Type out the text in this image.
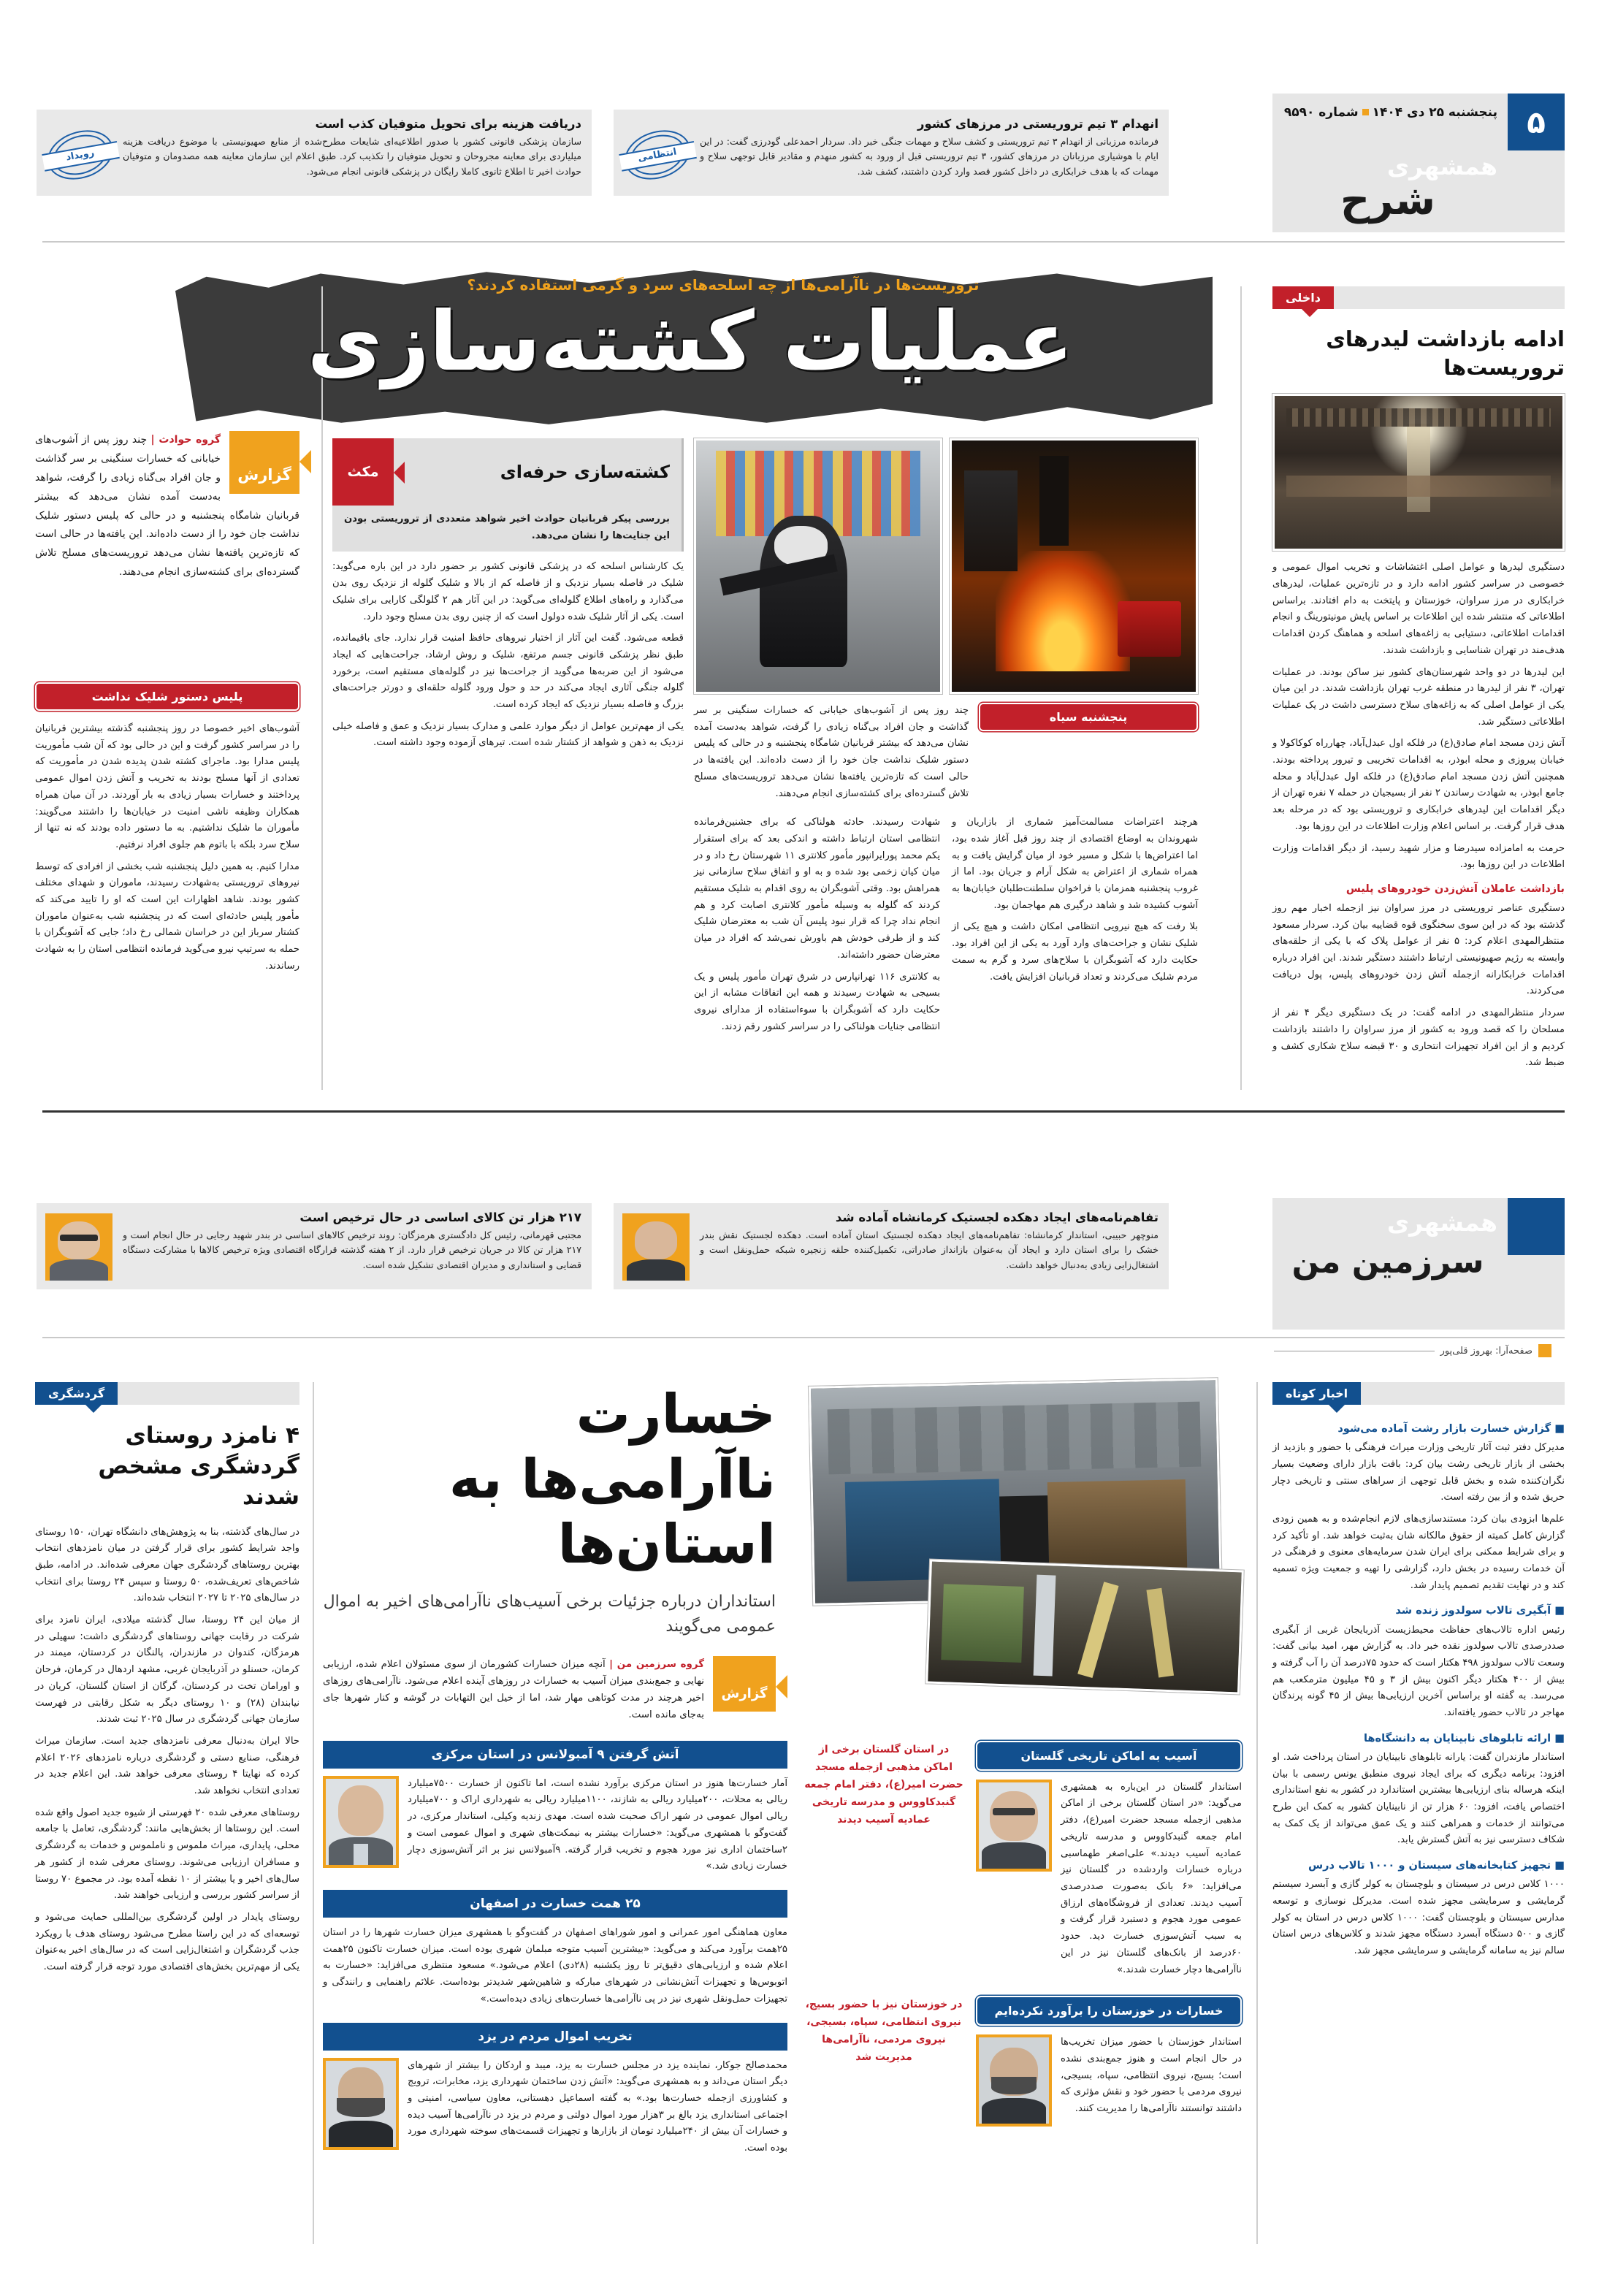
۵
پنجشنبه ۲۵ دی ۱۴۰۴شماره ۹۵۹۰
همشهری
شرح
انتظامی
انهدام ۳ تیم تروریستی در مرزهای کشور

فرمانده مرزبانی از انهدام ۳ تیم تروریستی و کشف سلاح و مهمات جنگی خبر داد. سردار احمدعلی گودرزی گفت: در این ایام با هوشیاری مرزبانان در مرزهای کشور، ۳ تیم تروریستی قبل از ورود به کشور منهدم و مقادیر قابل توجهی سلاح و مهمات که با هدف خرابکاری در داخل کشور قصد وارد کردن داشتند، کشف شد.

رویداد
دریافت هزینه برای تحویل متوفیان کذب است

سازمان پزشکی قانونی کشور با صدور اطلاعیه‌ای شایعات مطرح‌شده از منابع صهیونیستی با موضوع دریافت هزینه میلیاردی برای معاینه مجروحان و تحویل متوفیان را تکذیب کرد. طبق اعلام این سازمان معاینه همه مصدومان و متوفیان حوادث اخیر تا اطلاع ثانوی کاملا رایگان در پزشکی قانونی انجام می‌شود.

تروریست‌ها در ناآرامی‌ها از چه اسلحه‌های سرد و گرمی استفاده کردند؟
عملیات کشته‌سازی	داخلی
ادامه بازداشت لیدرهای تروریست‌ها

دستگیری لیدرها و عوامل اصلی اغتشاشات و تخریب اموال عمومی و خصوصی در سراسر کشور ادامه دارد و در تازه‌ترین عملیات، لیدرهای خرابکاری در مرز سراوان، خوزستان و پایتخت به دام افتادند. براساس اطلاعاتی که منتشر شده این اطلاعات بر اساس پایش مونیتورینگ و انجام اقدامات اطلاعاتی، دستیابی به زاغه‌های اسلحه و هماهنگ کردن اقدامات هدف‌مند در تهران شناسایی و بازداشت شدند.

این لیدرها در دو واحد شهرستان‌های کشور نیز ساکن بودند. در عملیات تهران، ۳ نفر از لیدرها در منطقه غرب تهران بازداشت شدند. در این میان یکی از عوامل اصلی که به زاغه‌های سلاح دسترسی داشت در یک عملیات اطلاعاتی دستگیر شد.

آتش زدن مسجد امام صادق(ع) در فلکه اول عبدل‌آباد، چهارراه کوکاکولا و خیابان پیروزی و محله ابوذر، به اقدامات تخریبی و تیرور پرداخته بودند. همچنین آتش زدن مسجد امام صادق(ع) در فلکه اول عبدل‌آباد و محله جامع ابوذر، به‌ شهادت رساندن ۲ نفر از بسیجیان در حمله ۷ نفره تهران از دیگر اقدامات این لیدرهای خرابکاری و تروریستی بود که در مرحله بعد هدف قرار گرفت. بر اساس اعلام وزارت اطلاعات در این روزها بود.

حرمت به امامزاده سیدرضا و مزار شهید رسید، از دیگر اقدامات وزارت اطلاعات در این روزها بود.

بازداشت عاملان آتش‌زدن خودروهای پلیس

دستگیری عناصر تروریستی در مرز سراوان نیز ازجمله اخبار مهم روز گذشته بود که در این سوی سخنگوی قوه قضاییه بیان کرد. سردار مسعود منتظرالمهدی اعلام کرد: ۵ نفر از عوامل پلاک که با یکی از حلقه‌های وابسته به رژیم صهیونیستی ارتباط داشتند دستگیر شدند. این افراد درباره اقدامات خرابکارانه ازجمله آتش زدن خودروهای پلیس، پول دریافت می‌کردند.

سردار منتظرالمهدی در ادامه گفت: در یک دستگیری دیگر ۴ نفر از مسلحان را که قصد ورود به کشور از مرز سراوان را داشتند بازداشت کردیم و از این افراد تجهیزات انتحاری و ۳۰ قبضه سلاح شکاری کشف و ضبط شد.

پنجشنبه سیاه

چند روز پس از آشوب‌های خیابانی که خسارات سنگینی بر سر گذاشت و جان افراد بی‌گناه زیادی را گرفت، شواهد به‌دست آمده نشان می‌دهد که بیشتر قربانیان شامگاه پنجشنبه و در حالی که پلیس دستور شلیک نداشت جان خود را از دست داده‌اند. این یافته‌ها در حالی است که تازه‌ترین یافته‌ها نشان می‌دهد تروریست‌های مسلح تلاش گسترده‌ای برای کشته‌سازی انجام می‌دهند.

هرچند اعتراضات مسالمت‌آمیز شماری از بازاریان و شهروندان به اوضاع اقتصادی از چند روز قبل آغاز شده بود، اما اعتراض‌ها با شکل و مسیر خود از میان گرایش یافت و به همراه شماری از اعتراض به شکل آرام و جریان بود. اما از غروب پنجشنبه همزمان با فراخوان سلطنت‌طلبان خیابان‌ها به آشوب کشیده شد و شاهد درگیری هم مهاجمان بود.

بلا رفت که هیچ نیرویی انتظامی امکان داشت و هیچ یکی از شلیک نشان و جراحت‌های وارد آورد به یکی از این افراد بود. حکایت دارد که آشوبگران با سلاح‌های سرد و گرم به سمت مردم شلیک می‌کردند و تعداد قربانیان افزایش یافت.

شهادت رسیدند. حادثه هولناکی که برای جشنین‌فرمانده انتظامی استان ارتباط داشته و اندکی بعد که برای استقرار یکم محمد پورایرانپور مأمور کلانتری ۱۱ شهرستان رخ داد و در میان کیان زخمی بود شده و به او و اتفاق سلاح سازمانی نیز همراهش بود. وقتی آشوبگران به روی اقدام به شلیک مستقیم کردند که گلوله به وسیله مأمور کلانتری اصابت کرد و هم انجام نداد چرا که قرار نبود پلیس آن شب به معترضان شلیک کند و از طرفی خودش هم باورش نمی‌شد که افراد در میان معترضان حضور داشته‌اند.

به کلانتری ۱۱۶ تهرانپارس در شرق تهران مأمور پلیس و یک بسیجی به شهادت رسیدند و همه این اتفاقات مشابه از این حکایت دارد که آشوبگران با سوءاستفاده از مدارای نیروی انتظامی جنایات هولناکی را در سراسر کشور رقم زدند.

کشته‌سازی حرفه‌ای
مکث
بررسی پیکر قربانیان حوادث اخیر شواهد متعددی از تروریستی بودن این جنایت‌ها را نشان می‌دهد.

یک کارشناس اسلحه که در پزشکی قانونی کشور بر حضور دارد در این باره می‌گوید: شلیک در فاصله بسیار نزدیک و از فاصله کم از بالا و شلیک گلوله از نزدیک روی بدن می‌گذارد و راه‌های اطلاع گلوله‌ای می‌گوید: در این آثار هم ۲ گلولگی کارایی برای شلیک است. یکی از آثار شلیک شده دولول است که از چنین روی بدن مسلح وجود دارد.

قطعه می‌شود. گفت این آثار از اختیار نیروهای حافظ امنیت قرار ندارد. جای باقیمانده، طبق نظر پزشکی قانونی جسم مرتفع، شلیک و روش ارشاد، جراحت‌هایی که ایجاد می‌شود از این ضربه‌ها می‌گوید از جراحت‌ها نیز در گلوله‌های مستقیم است، برخورد گلوله جنگی آثاری ایجاد می‌کند در حد و حول ورود گلوله حلقه‌ای و دورتر جراحت‌های بزرگ و فاصله بسیار نزدیک که ایجاد کرده است.

یکی از مهم‌ترین عوامل از دیگر موارد علمی و مدارک بسیار نزدیک و عمق و فاصله خیلی نزدیک به ذهن و شواهد از کشتار شده است. تیرهای آزموده وجود داشته است.

گزارش
گروه حوادث | چند روز پس از آشوب‌های خیابانی که خسارات سنگینی بر سر گذاشت و جان افراد بی‌گناه زیادی را گرفت، شواهد به‌دست آمده نشان می‌دهد که بیشتر قربانیان شامگاه پنجشنبه و در حالی که پلیس دستور شلیک نداشت جان خود را از دست داده‌اند. این یافته‌ها در حالی است که تازه‌ترین یافته‌ها نشان می‌دهد تروریست‌های مسلح تلاش گسترده‌ای برای کشته‌سازی انجام می‌دهند.
پلیس دستور شلیک نداشت

آشوب‌های اخیر خصوصا در روز پنجشنبه گذشته بیشترین قربانیان را در سراسر کشور گرفت و این در حالی بود که آن شب مأموریت پلیس مدارا بود. ماجرای کشته شدن پدیده شدن در مأموریت که تعدادی از آنها مسلح بودند به تخریب و آتش زدن اموال عمومی پرداختند و خسارات بسیار زیادی به بار آوردند. در آن میان همراه همکاران وظیفه ناشی امنیت در خیابان‌ها را داشتند می‌گویند: مأموران ما شلیک نداشتیم. به ما دستور داده بودند که نه تنها از سلاح سرد بلکه با باتوم هم جلوی افراد نرفتیم.

مدارا کنیم. به همین دلیل پنجشنبه شب بخشی از افرادی که توسط نیروهای تروریستی به‌شهادت رسیدند، ماموران و شهدای مختلف کشور بودند. شاهد اظهارات این است که او را تایید می‌کند که مأمور پلیس حادثه‌ای است که در پنجشنبه شب به‌عنوان ماموران کشتار سرباز این در خراسان شمالی رخ داد؛ جایی که آشوبگران با حمله به سرتیپ نیرو می‌گوید فرمانده انتظامی استان را به شهادت رساندند.

همشهری
سرزمین من
صفحه‌آرا: بهروز قلی‌پور
تفاهم‌نامه‌های ایجاد دهکده لجستیک کرمانشاه آماده شد

منوچهر حبیبی، استاندار کرمانشاه: تفاهم‌نامه‌های ایجاد دهکده لجستیک استان آماده است. دهکده لجستیک نقش بندر خشک را برای استان دارد و ایجاد آن به‌عنوان بازانداز صادراتی، تکمیل‌کننده حلقه زنجیره شبکه حمل‌ونقل است و اشتغال‌زایی زیادی به‌دنبال خواهد داشت.

۲۱۷ هزار تن کالای اساسی در حال ترخیص است

مجتبی قهرمانی، رئیس کل دادگستری هرمزگان: روند ترخیص کالاهای اساسی در بندر شهید رجایی در حال انجام است و ۲۱۷ هزار تن کالا در جریان ترخیص قرار دارد. از ۲ هفته گذشته قرارگاه اقتصادی ویژه ترخیص کالاها با مشارکت دستگاه قضایی و استانداری و مدیران اقتصادی تشکیل شده است.

گردشگری
۴ نامزد روستای گردشگری مشخص شدند

در سال‌های گذشته، بنا به پژوهش‌های دانشگاه تهران، ۱۵۰ روستای واجد شرایط کشور برای قرار گرفتن در میان نامزدهای انتخاب بهترین روستاهای گردشگری جهان معرفی شده‌اند. در ادامه، طبق شاخص‌های تعریف‌شده، ۵۰ روستا و سپس ۲۴ روستا برای انتخاب در سال‌های ۲۰۲۵ تا ۲۰۲۷ انتخاب شده‌اند.

از میان این ۲۴ روستا، سال گذشته میلادی، ایران نامزد برای شرکت در رقابت جهانی روستاهای گردشگری داشت: سهیلی در هرمزگان، کندوان در مازندران، پالنگان در کردستان، میمند در کرمان، حسنلو در آذربایجان غربی، مشهد اردهال در کرمان، فرحان و اورامان تخت در کردستان، گرگان از استان گلستان، کریان در نیابندان (۲۸) و ۱۰ روستای دیگر به شکل رقابتی در فهرست سازمان جهانی گردشگری در سال ۲۰۲۵ ثبت شدند.

حالا ایران به‌دنبال معرفی نامزدهای جدید است. سازمان میراث فرهنگی، صنایع دستی و گردشگری درباره نامزدهای ۲۰۲۶ اعلام کرده که نهایتا ۴ روستای معرفی خواهد شد. این اعلام جدید در تعدادی انتخاب نخواهد شد.

روستاهای معرفی شده ۲۰ فهرستی از شیوه جدید اصول واقع شده است. این روستاها از بخش‌هایی مانند: گردشگری، تعامل با جامعه محلی، پایداری، میراث ملموس و ناملموس و خدمات به گردشگری و مسافران ارزیابی می‌شوند. روستای معرفی شده از کشور هر سال‌های اخیر و یا بیشتر از ۱۰ نقطه آمده بود. در مجموع ۷۰ روستا از سراسر کشور بررسی و ارزیابی خواهند شد.

روستای پایدار در اولین گردشگری بین‌المللی حمایت می‌شود و توسعه‌ای که در این راستا مطرح می‌شود روستای هدف با رویکرد جذب گردشگران و اشتغال‌زایی است که در سال‌های اخیر به‌عنوان یکی از مهم‌ترین بخش‌های اقتصادی مورد توجه قرار گرفته است.

اخبار کوتاه
■ گزارش خسارت بازار رشت آماده می‌شود

مدیرکل دفتر ثبت آثار تاریخی وزارت میراث فرهنگی با حضور و بازدید از بخشی از بازار تاریخی رشت بیان کرد: بافت بازار دارای وضعیت بسیار نگران‌کننده شده و بخش قابل توجهی از سراهای سنتی و تاریخی دچار حریق شده و از بین رفته است.

علم‌ها ابزودی بیان کرد: مستندسازی‌های لازم انجام‌شده و به همین زودی گزارش کامل کمیته از حقوق مالکانه شان به‌ثبت خواهد شد. او تأکید کرد و برای شرایط ممکنی برای ایران شدن سرمایه‌های معنوی و فرهنگی در آن خدمات رسیده در بخش دارد، گزارشی را تهیه و جمعیت ویژه تسمیه کند و در نهایت تقدیم تصمیم پایدار شد.

■ آبگیری تالاب سولدوز زنده شد

رئیس اداره تالاب‌های حفاظت محیط‌زیست آذربایجان غربی از آبگیری صددرصدی تالاب سولدوز نقده خبر داد. به گزارش مهر، امید بیانی گفت: وسعت تالاب سولدوز ۴۹۸ هکتار است که حدود ۷۵درصد آن را آب گرفته و بیش از ۴۰۰ هکتار دیگر اکنون بیش از ۳ و ۴۵ میلیون مترمکعب هم می‌رسد. به گفته او براساس آخرین ارزیابی‌ها بیش از ۴۵ گونه پرندگان مهاجر در تالاب حضور یافته‌اند.

■ ارائه تابلوهای نابینایان به دانشگاه‌ها

استاندار مازندران گفت: یارانه تابلوهای نابینایان در استان پرداخت شد. او افزود: برنامه دیگری که برای ایجاد نیروی منطبق یونس رسمی با بیان اینکه هرساله بنای ارزیابی‌ها بیشترین استاندارد در کشور به نفع استانداری اختصاص یافت، افزود: ۶۰ هزار تن از نابینایان کشور به کمک این طرح می‌توانند از خدمات و همراهی کنند و یک عمق می‌تواند از یک کمک به شکاف دسترسی نیز به آتش گسترش یابد.

■ تجهیز کتابخانه‌های سیستان و ۱۰۰۰ تالاب درس

۱۰۰۰ کلاس درس در سیستان و بلوچستان به کولر گازی و آبسرد سیستم گرمایشی و سرمایشی مجهز شده است. مدیرکل نوسازی و توسعه مدارس سیستان و بلوچستان گفت: ۱۰۰۰ کلاس درس در استان به کولر گازی و ۵۰۰ دستگاه آبسرد دستگاه مجهز شدند و کلاس‌های درس استان سالم نیز به سامانه گرمایشی و سرمایشی مجهز شد.

خسارت ناآرامی‌ها به استان‌ها
استانداران درباره جزئیات برخی آسیب‌های ناآرامی‌های اخیر به اموال عمومی می‌گویند
گزارش
گروه سرزمین من | آنچه میزان خسارات کشورمان از سوی مسئولان اعلام شده، ارزیابی نهایی و جمع‌بندی میزان آسیب به خسارات در روزهای آینده اعلام می‌شود. ناآرامی‌های روزهای اخیر هرچند در مدت کوتاهی مهار شد، اما از خیل این التهابات در گوشه و کنار شهرها جای به‌جای مانده است.
آسیب به اماکن تاریخی گلستان
استاندار گلستان در این‌باره به همشهری می‌گوید: «در استان گلستان برخی از اماکن مذهبی ازجمله مسجد حضرت امیر(ع)، دفتر امام جمعه گنبدکاووس و مدرسه تاریخی عمادیه آسیب دیدند.» علی‌اصغر طهماسبی درباره خسارات واردشده در گلستان نیز می‌افزاید: «۶ بانک به‌صورت صددرصدی آسیب دیدند. تعدادی از فروشگاه‌های ارزاق عمومی مورد هجوم و دستبرد قرار گرفت و به سبب آتش‌سوزی خسارت دید. حدود ۶۰درصد از بانک‌های گلستان نیز در این ناآرامی‌ها دچار خسارت شدند.»
در استان گلستان برخی از اماکن مذهبی ازجمله مسجد حضرت امیر(ع)، دفتر امام جمعه گنبدکاووس و مدرسه تاریخی عمادیه آسیب دیدند
خسارات در خوزستان را برآورد نکرده‌ایم
استاندار خوزستان با حضور میزان تخریب‌ها در حال انجام است و هنوز جمع‌بندی نشده است؛ بسیج، نیروی انتظامی، سپاه، بسیجی، نیروی مردمی با حضور خود و نقش مؤثری که داشتند توانستند ناآرامی‌ها را مدیریت کنند.
در خوزستان نیز با حضور بسیج، نیروی انتظامی، سپاه، بسیجی، نیروی مردمی، ناآرامی‌ها مدیریت شد
آتش گرفتن ۹ آمبولانس در استان مرکزی
آمار خسارت‌ها هنوز در استان مرکزی برآورد نشده است، اما تاکنون از خسارت ۷۵۰۰میلیارد ریالی به محلات، ۲۰۰میلیارد ریالی به شازند، ۱۱۰۰میلیارد ریالی به شهرداری اراک و ۷۰۰میلیارد ریالی اموال عمومی در شهر اراک صحبت شده است. مهدی زندیه وکیلی، استاندار مرکزی، در گفت‌وگو با همشهری می‌گوید: «خسارات بیشتر به نیمکت‌های شهری و اموال عمومی است و ۲ساختمان اداری نیز مورد هجوم و تخریب قرار گرفته. ۹آمبولانس نیز بر اثر آتش‌سوزی دچار خسارت زیادی شد.»
۲۵ همت خسارت در اصفهان
معاون هماهنگی امور عمرانی و امور شوراهای اصفهان در گفت‌وگو با همشهری میزان خسارت شهرها را در استان ۲۵همت برآورد می‌کند و می‌گوید: «بیشترین آسیب متوجه مبلمان شهری بوده است. میزان خسارت تاکنون ۲۵همت اعلام شده و ارزیابی‌های دقیق‌تر تا روز یکشنبه (۲۸دی) اعلام می‌شود.» مسعود منتظری می‌افزاید: «خسارت به اتوبوس‌ها و تجهیزات آتش‌نشانی در شهرهای مبارکه و شاهین‌شهر شدیدتر بوده‌است. علائم راهنمایی و رانندگی و تجهیزات حمل‌ونقل شهری نیز در پی ناآرامی‌ها خسارت‌های زیادی دیده‌است.»
تخریب اموال مردم در یزد
محمدصالح جوکار، نماینده یزد در مجلس خسارت به یزد، میبد و اردکان را بیشتر از شهرهای دیگر استان می‌داند و به همشهری می‌گوید: «آتش زدن ساختمان شهرداری یزد، مخابرات، ترویج و کشاورزی ازجمله خسارت‌ها بود.» به گفته اسماعیل دهستانی، معاون سیاسی، امنیتی و اجتماعی استانداری یزد بالغ بر ۳هزار مورد اموال دولتی و مردم در یزد در ناآرامی‌ها آسیب دیده و خسارات آن بیش از ۲۴۰میلیارد تومان از بازارها و تجهیزات قسمت‌های سوخته شهرداری مورد بوده است.
